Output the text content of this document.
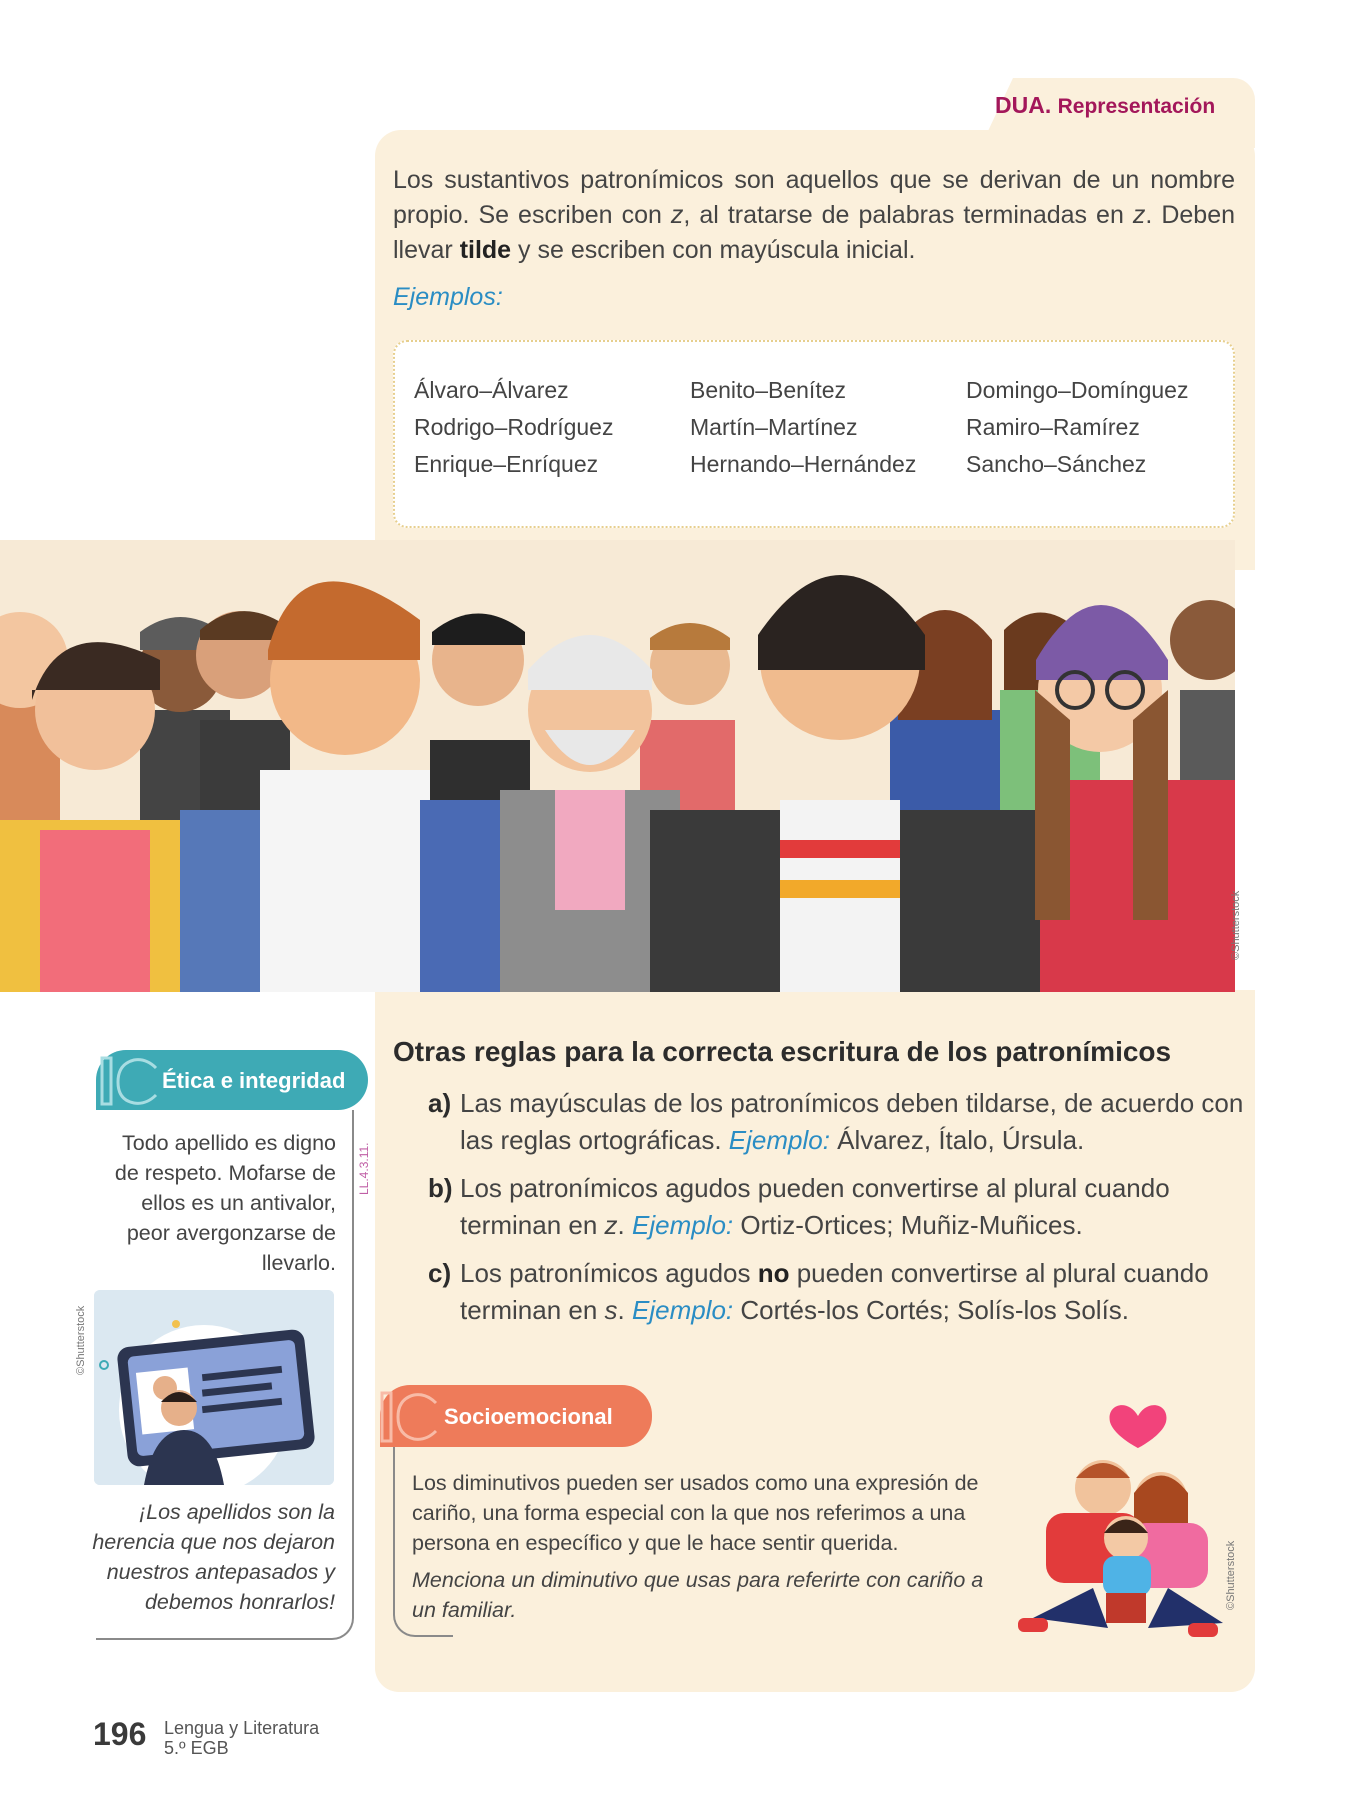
DUA. Representación

Los sustantivos patronímicos son aquellos que se derivan de un nombre propio. Se escriben con z, al tratarse de palabras terminadas en z. Deben llevar tilde y se escriben con mayúscula inicial.

Ejemplos:
Álvaro–Álvarez
Rodrigo–Rodríguez
Enrique–Enríquez
Benito–Benítez
Martín–Martínez
Hernando–Hernández
Domingo–Domínguez
Ramiro–Ramírez
Sancho–Sánchez
©Shutterstock
Otras reglas para la correcta escritura de los patronímicos
a) Las mayúsculas de los patronímicos deben tildarse, de acuerdo con las reglas ortográficas. Ejemplo: Álvarez, Ítalo, Úrsula.
b) Los patronímicos agudos pueden convertirse al plural cuando terminan en z. Ejemplo: Ortiz-Ortices; Muñiz-Muñices.
c) Los patronímicos agudos no pueden convertirse al plural cuando terminan en s. Ejemplo: Cortés-los Cortés; Solís-los Solís.
Ética e integridad

Todo apellido es digno de respeto. Mofarse de ellos es un antivalor, peor avergonzarse de llevarlo.

LL.4.3.11.
©Shutterstock

¡Los apellidos son la herencia que nos dejaron nuestros antepasados y debemos honrarlos!

Socioemocional

Los diminutivos pueden ser usados como una expresión de cariño, una forma especial con la que nos referimos a una persona en específico y que le hace sentir querida.

Menciona un diminutivo que usas para referirte con cariño a un familiar.	©Shutterstock
196 Lengua y Literatura
5.º EGB
